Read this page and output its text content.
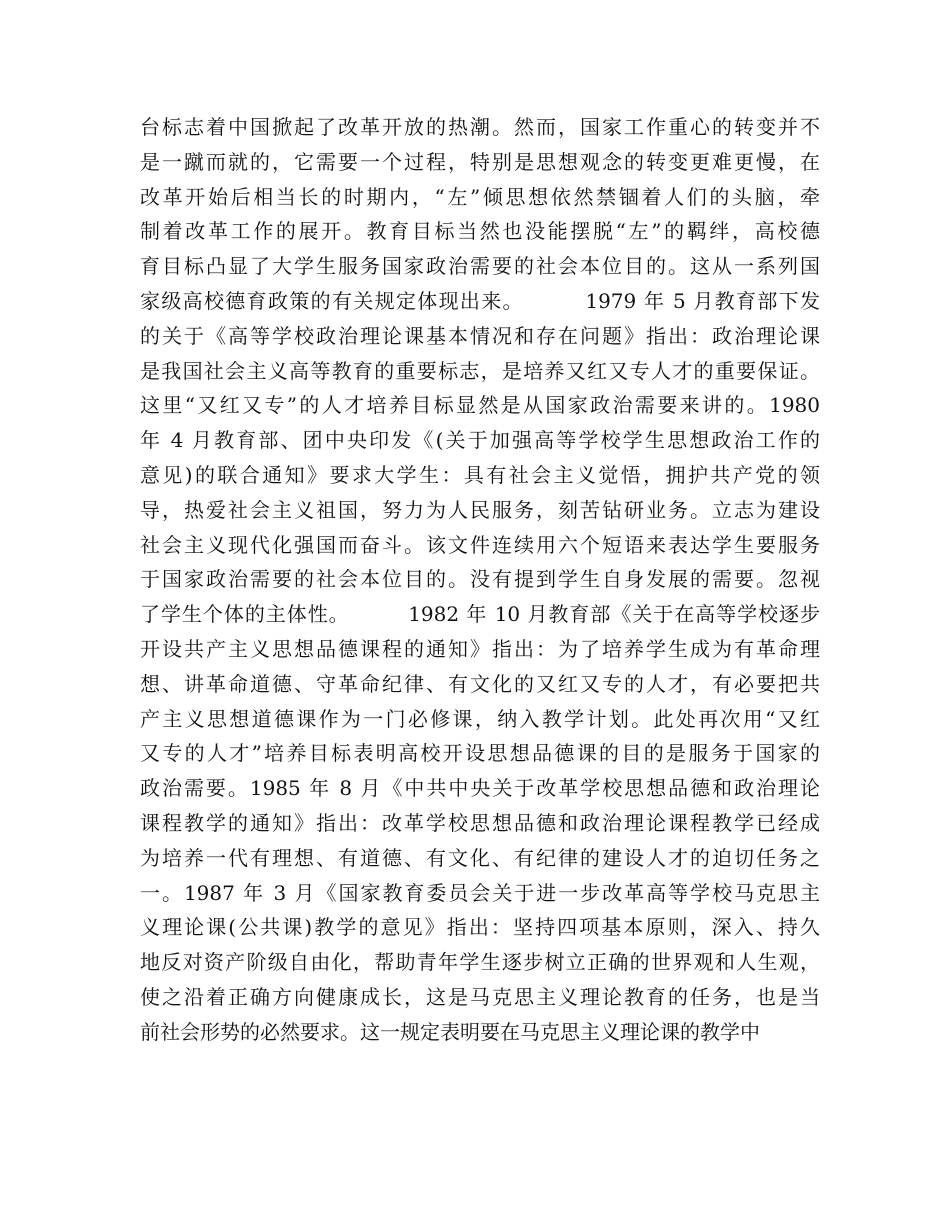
台标志着中国掀起了改革开放的热潮。然而，国家工作重心的转变并不
是一蹴而就的，它需要一个过程，特别是思想观念的转变更难更慢，在
改革开始后相当长的时期内，“左”倾思想依然禁锢着人们的头脑，牵
制着改革工作的展开。教育目标当然也没能摆脱“左”的羁绊，高校德
育目标凸显了大学生服务国家政治需要的社会本位目的。这从一系列国
家级高校德育政策的有关规定体现出来。        1979 年 5 月教育部下发
的关于《高等学校政治理论课基本情况和存在问题》指出：政治理论课
是我国社会主义高等教育的重要标志，是培养又红又专人才的重要保证。
这里“又红又专”的人才培养目标显然是从国家政治需要来讲的。1980
年 4 月教育部、团中央印发《(关于加强高等学校学生思想政治工作的
意见)的联合通知》要求大学生：具有社会主义觉悟，拥护共产党的领
导，热爱社会主义祖国，努力为人民服务，刻苦钻研业务。立志为建设
社会主义现代化强国而奋斗。该文件连续用六个短语来表达学生要服务
于国家政治需要的社会本位目的。没有提到学生自身发展的需要。忽视
了学生个体的主体性。        1982 年 10 月教育部《关于在高等学校逐步
开设共产主义思想品德课程的通知》指出：为了培养学生成为有革命理
想、讲革命道德、守革命纪律、有文化的又红又专的人才，有必要把共
产主义思想道德课作为一门必修课，纳入教学计划。此处再次用“又红
又专的人才”培养目标表明高校开设思想品德课的目的是服务于国家的
政治需要。1985 年 8 月《中共中央关于改革学校思想品德和政治理论
课程教学的通知》指出：改革学校思想品德和政治理论课程教学已经成
为培养一代有理想、有道德、有文化、有纪律的建设人才的迫切任务之
一。1987 年 3 月《国家教育委员会关于进一步改革高等学校马克思主
义理论课(公共课)教学的意见》指出：坚持四项基本原则，深入、持久
地反对资产阶级自由化，帮助青年学生逐步树立正确的世界观和人生观，
使之沿着正确方向健康成长，这是马克思主义理论教育的任务，也是当
前社会形势的必然要求。这一规定表明要在马克思主义理论课的教学中
